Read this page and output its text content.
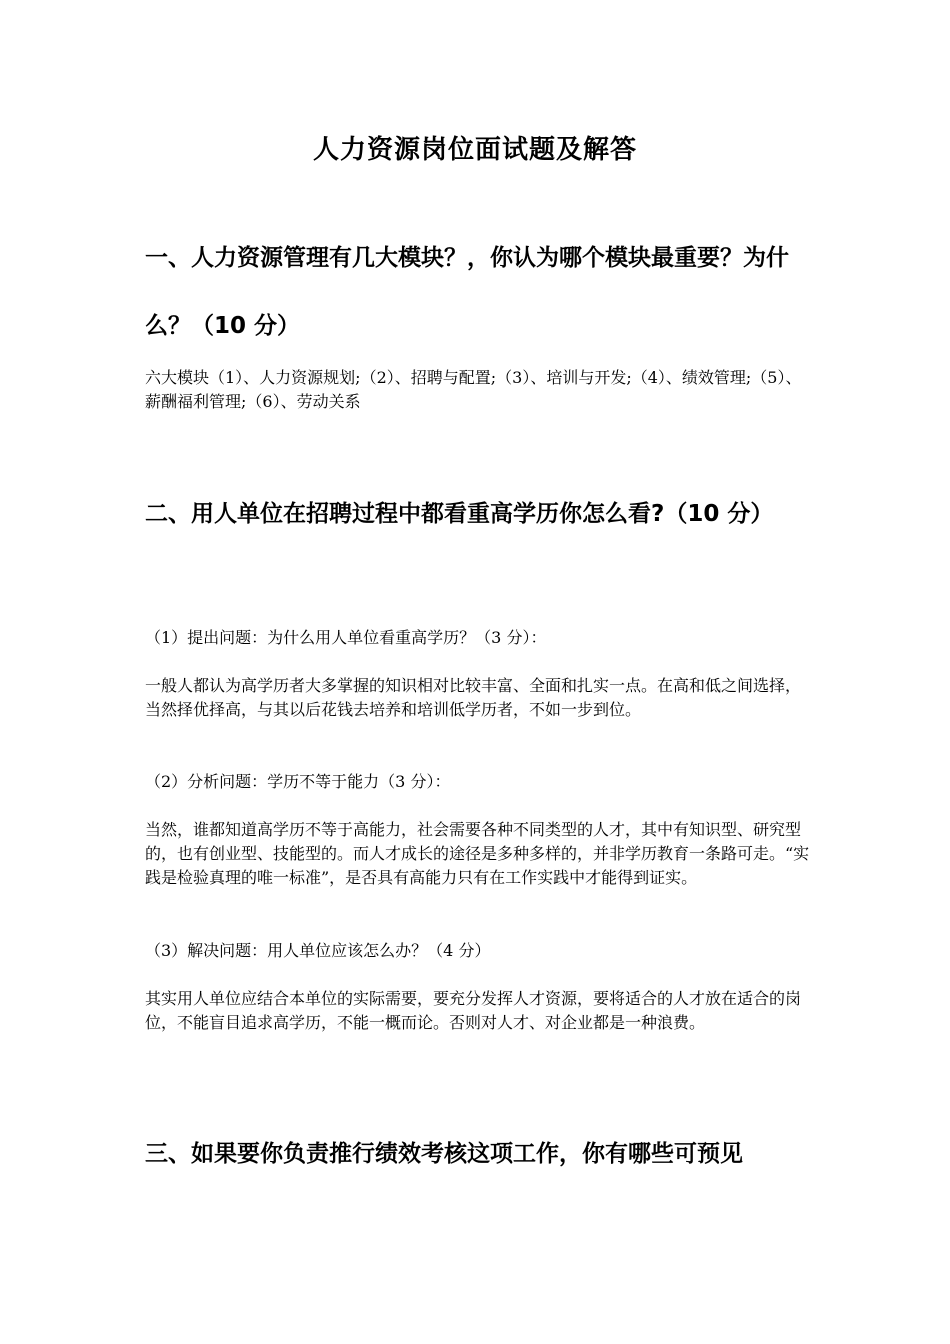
人力资源岗位面试题及解答
一、人力资源管理有几大模块？，你认为哪个模块最重要？为什么？（10 分）

六大模块（1）、人力资源规划;（2）、招聘与配置;（3）、培训与开发;（4）、绩效管理;（5）、薪酬福利管理;（6）、劳动关系

二、用人单位在招聘过程中都看重高学历你怎么看?（10 分）

（1）提出问题：为什么用人单位看重高学历？（3 分）：

一般人都认为高学历者大多掌握的知识相对比较丰富、全面和扎实一点。在高和低之间选择，当然择优择高，与其以后花钱去培养和培训低学历者，不如一步到位。

（2）分析问题：学历不等于能力（3 分）：

当然，谁都知道高学历不等于高能力，社会需要各种不同类型的人才，其中有知识型、研究型的，也有创业型、技能型的。而人才成长的途径是多种多样的，并非学历教育一条路可走。“实践是检验真理的唯一标准”，是否具有高能力只有在工作实践中才能得到证实。

（3）解决问题：用人单位应该怎么办？（4 分）

其实用人单位应结合本单位的实际需要，要充分发挥人才资源，要将适合的人才放在适合的岗位，不能盲目追求高学历，不能一概而论。否则对人才、对企业都是一种浪费。

三、如果要你负责推行绩效考核这项工作，你有哪些可预见
